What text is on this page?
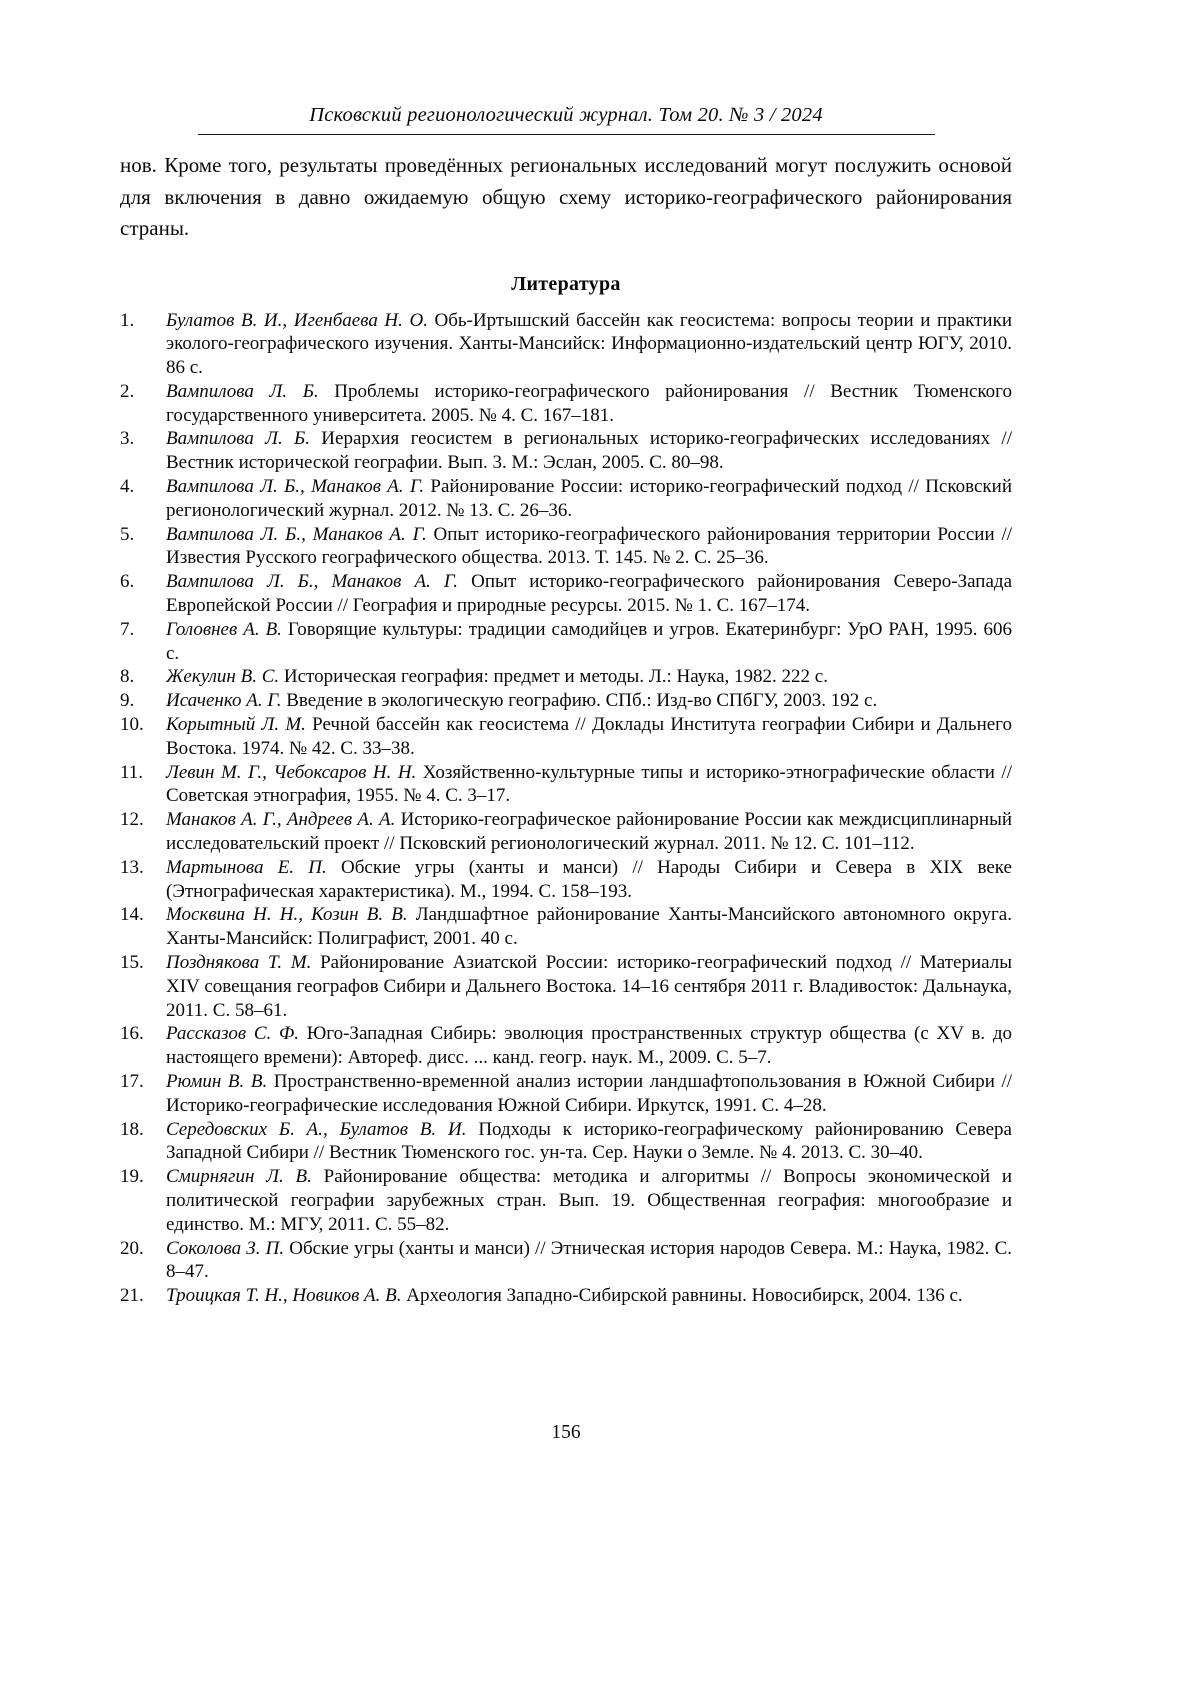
Псковский регионологический журнал. Том 20. № 3 / 2024

нов. Кроме того, результаты проведённых региональных исследований могут послужить основой для включения в давно ожидаемую общую схему историко-географического районирования страны.

Литература
1.	Булатов В. И., Игенбаева Н. О. Обь-Иртышский бассейн как геосистема: вопросы теории и практики эколого-географического изучения. Ханты-Мансийск: Информационно-издательский центр ЮГУ, 2010. 86 с.
2.	Вампилова Л. Б. Проблемы историко-географического районирования // Вестник Тюменского государственного университета. 2005. № 4. С. 167–181.
3.	Вампилова Л. Б. Иерархия геосистем в региональных историко-географических исследованиях // Вестник исторической географии. Вып. 3. М.: Эслан, 2005. С. 80–98.
4.	Вампилова Л. Б., Манаков А. Г. Районирование России: историко-географический подход // Псковский регионологический журнал. 2012. № 13. С. 26–36.
5.	Вампилова Л. Б., Манаков А. Г. Опыт историко-географического районирования территории России // Известия Русского географического общества. 2013. Т. 145. № 2. С. 25–36.
6.	Вампилова Л. Б., Манаков А. Г. Опыт историко-географического районирования Северо-Запада Европейской России // География и природные ресурсы. 2015. № 1. С. 167–174.
7.	Головнев А. В. Говорящие культуры: традиции самодийцев и угров. Екатеринбург: УрО РАН, 1995. 606 с.
8.	Жекулин В. С. Историческая география: предмет и методы. Л.: Наука, 1982. 222 с.
9.	Исаченко А. Г. Введение в экологическую географию. СПб.: Изд-во СПбГУ, 2003. 192 с.
10.	Корытный Л. М. Речной бассейн как геосистема // Доклады Института географии Сибири и Дальнего Востока. 1974. № 42. С. 33–38.
11.	Левин М. Г., Чебоксаров Н. Н. Хозяйственно-культурные типы и историко-этнографические области // Советская этнография, 1955. № 4. С. 3–17.
12.	Манаков А. Г., Андреев А. А. Историко-географическое районирование России как междисциплинарный исследовательский проект // Псковский регионологический журнал. 2011. № 12. С. 101–112.
13.	Мартынова Е. П. Обские угры (ханты и манси) // Народы Сибири и Севера в XIX веке (Этнографическая характеристика). М., 1994. С. 158–193.
14.	Москвина Н. Н., Козин В. В. Ландшафтное районирование Ханты-Мансийского автономного округа. Ханты-Мансийск: Полиграфист, 2001. 40 с.
15.	Позднякова Т. М. Районирование Азиатской России: историко-географический подход // Материалы XIV совещания географов Сибири и Дальнего Востока. 14–16 сентября 2011 г. Владивосток: Дальнаука, 2011. С. 58–61.
16.	Рассказов С. Ф. Юго-Западная Сибирь: эволюция пространственных структур общества (с XV в. до настоящего времени): Автореф. дисс. ... канд. геогр. наук. М., 2009. С. 5–7.
17.	Рюмин В. В. Пространственно-временной анализ истории ландшафтопользования в Южной Сибири // Историко-географические исследования Южной Сибири. Иркутск, 1991. С. 4–28.
18.	Середовских Б. А., Булатов В. И. Подходы к историко-географическому районированию Севера Западной Сибири // Вестник Тюменского гос. ун-та. Сер. Науки о Земле. № 4. 2013. С. 30–40.
19.	Смирнягин Л. В. Районирование общества: методика и алгоритмы // Вопросы экономической и политической географии зарубежных стран. Вып. 19. Общественная география: многообразие и единство. М.: МГУ, 2011. С. 55–82.
20.	Соколова З. П. Обские угры (ханты и манси) // Этническая история народов Севера. М.: Наука, 1982. С. 8–47.
21.	Троицкая Т. Н., Новиков А. В. Археология Западно-Сибирской равнины. Новосибирск, 2004. 136 с.
156
